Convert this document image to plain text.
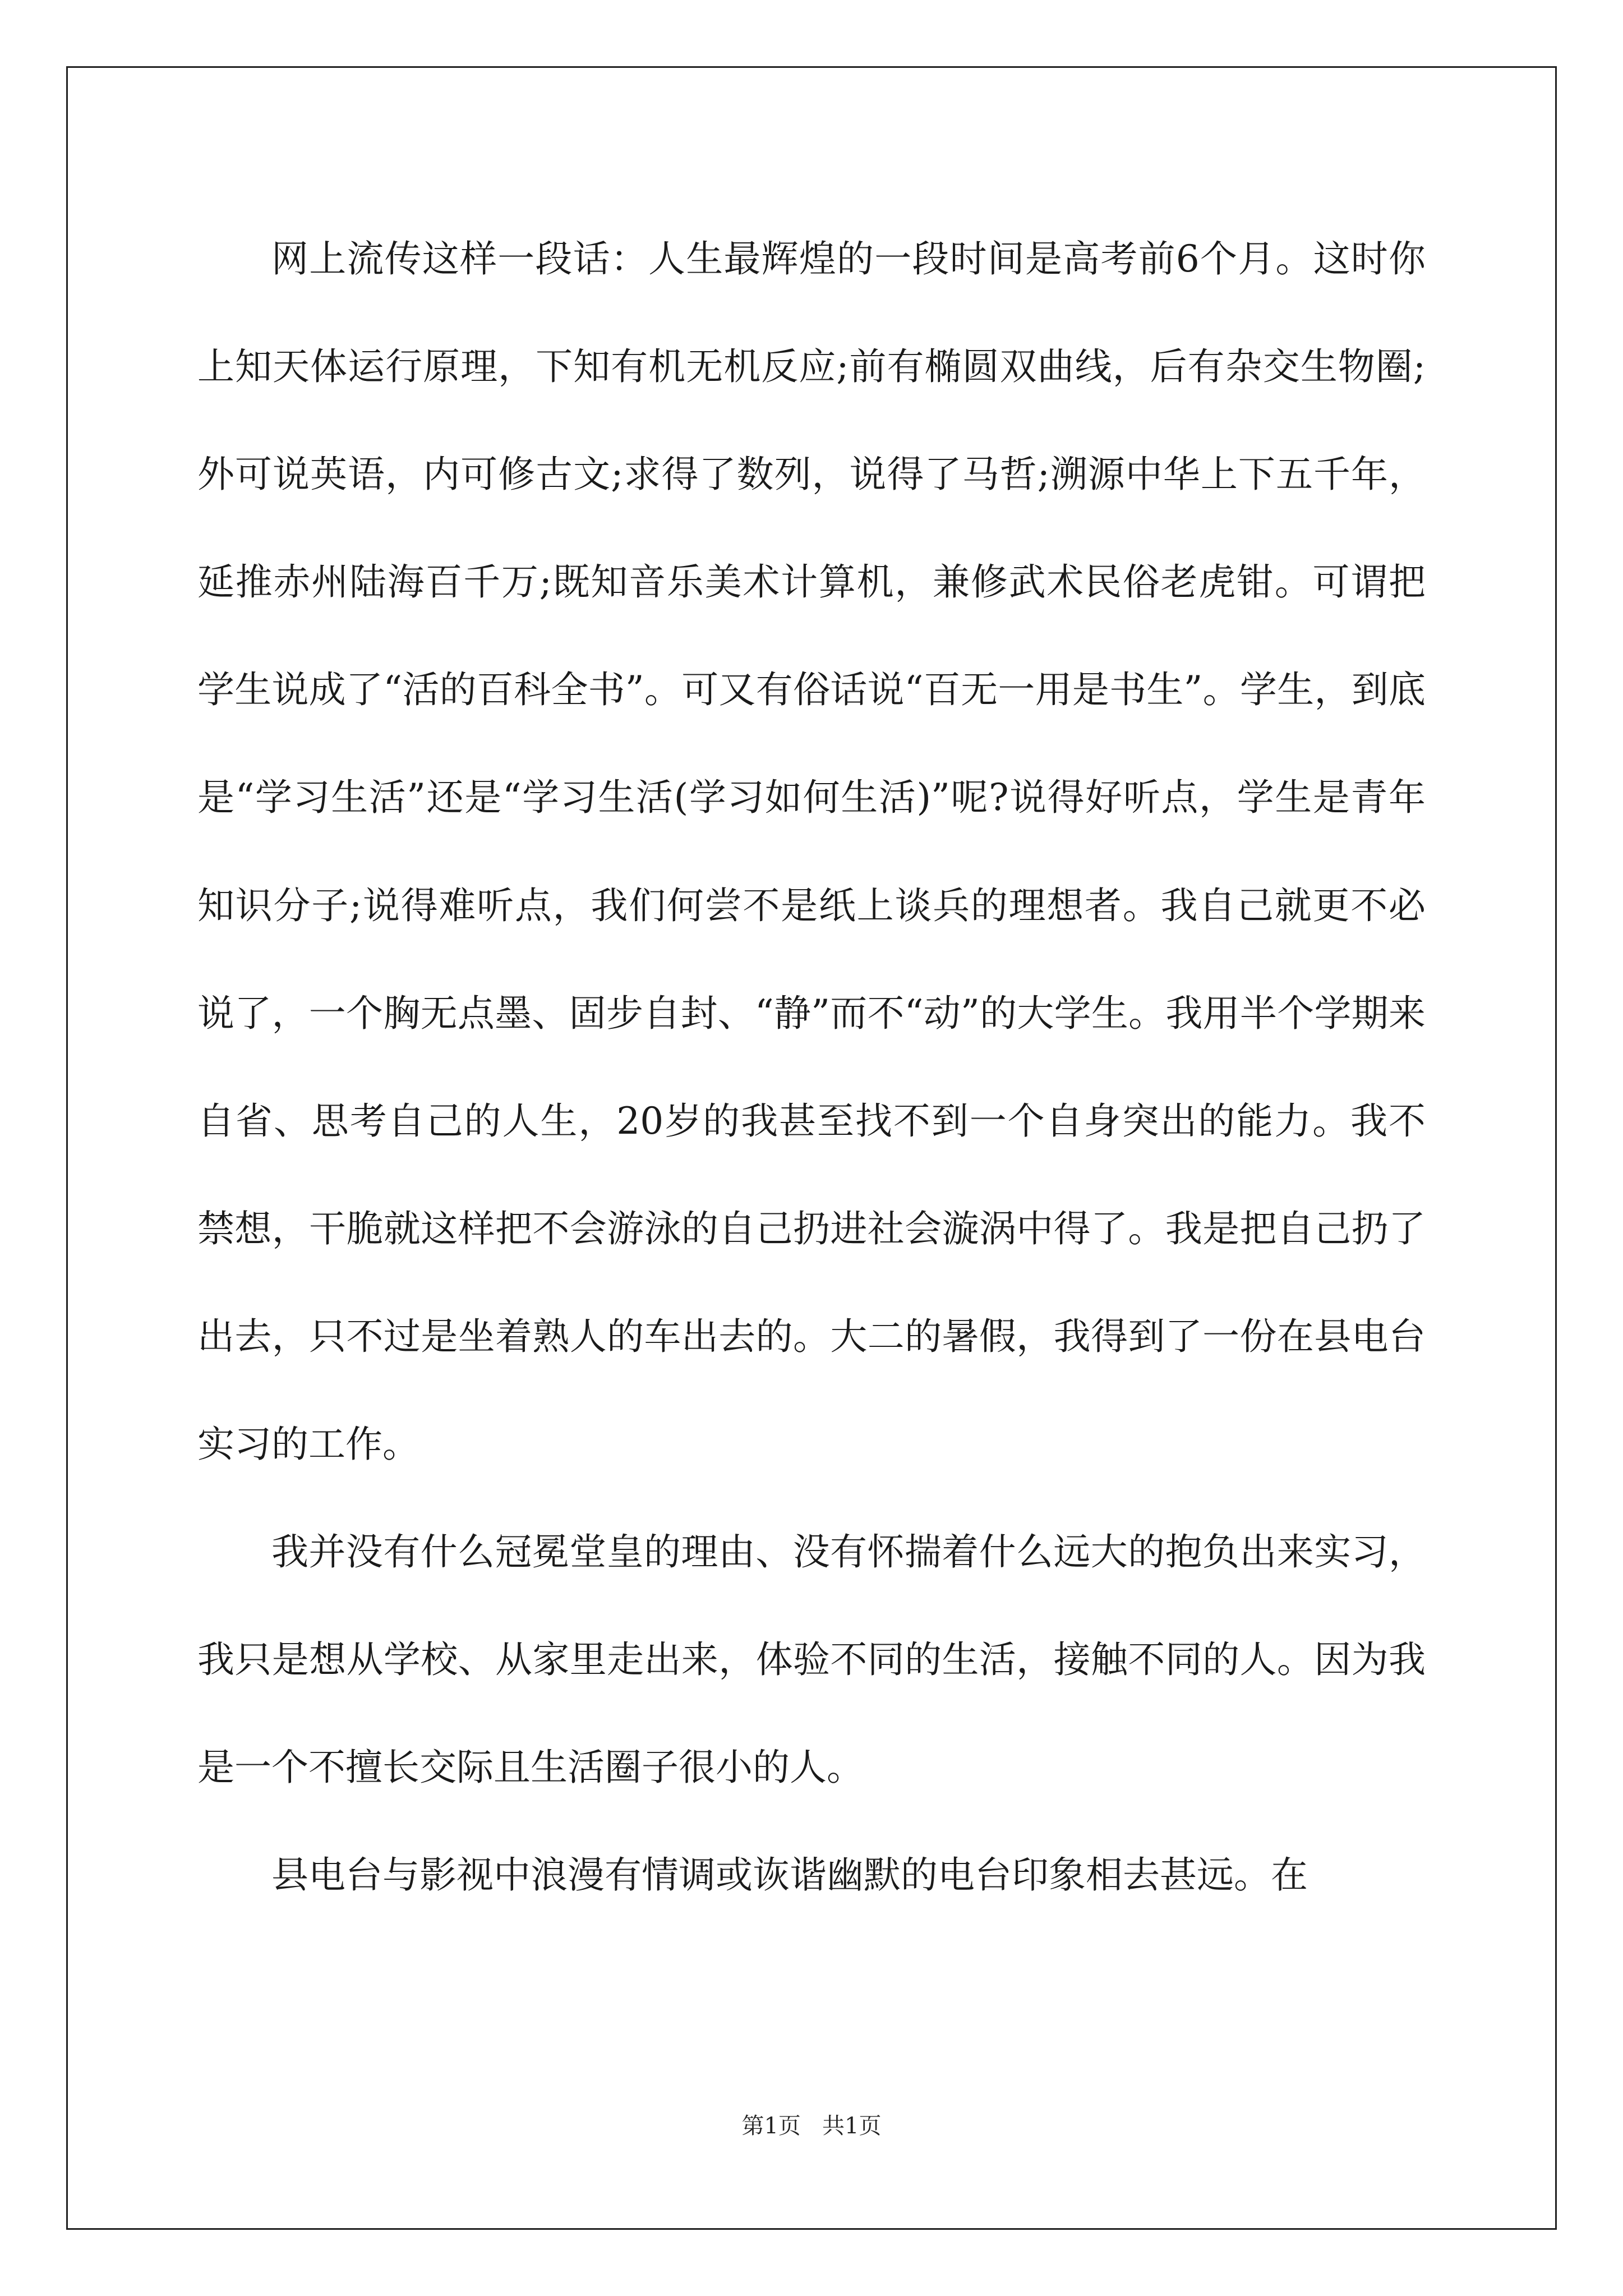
网上流传这样一段话：人生最辉煌的一段时间是高考前6个月。这时你上知天体运行原理，下知有机无机反应;前有椭圆双曲线，后有杂交生物圈;外可说英语，内可修古文;求得了数列，说得了马哲;溯源中华上下五千年，延推赤州陆海百千万;既知音乐美术计算机，兼修武术民俗老虎钳。可谓把学生说成了“活的百科全书”。可又有俗话说“百无一用是书生”。学生，到底是“学习生活”还是“学习生活(学习如何生活)”呢?说得好听点，学生是青年知识分子;说得难听点，我们何尝不是纸上谈兵的理想者。我自己就更不必说了，一个胸无点墨、固步自封、“静”而不“动”的大学生。我用半个学期来自省、思考自己的人生，20岁的我甚至找不到一个自身突出的能力。我不禁想，干脆就这样把不会游泳的自己扔进社会漩涡中得了。我是把自己扔了出去，只不过是坐着熟人的车出去的。大二的暑假，我得到了一份在县电台实习的工作。

我并没有什么冠冕堂皇的理由、没有怀揣着什么远大的抱负出来实习，我只是想从学校、从家里走出来，体验不同的生活，接触不同的人。因为我是一个不擅长交际且生活圈子很小的人。

县电台与影视中浪漫有情调或诙谐幽默的电台印象相去甚远。在

第1页   共1页
